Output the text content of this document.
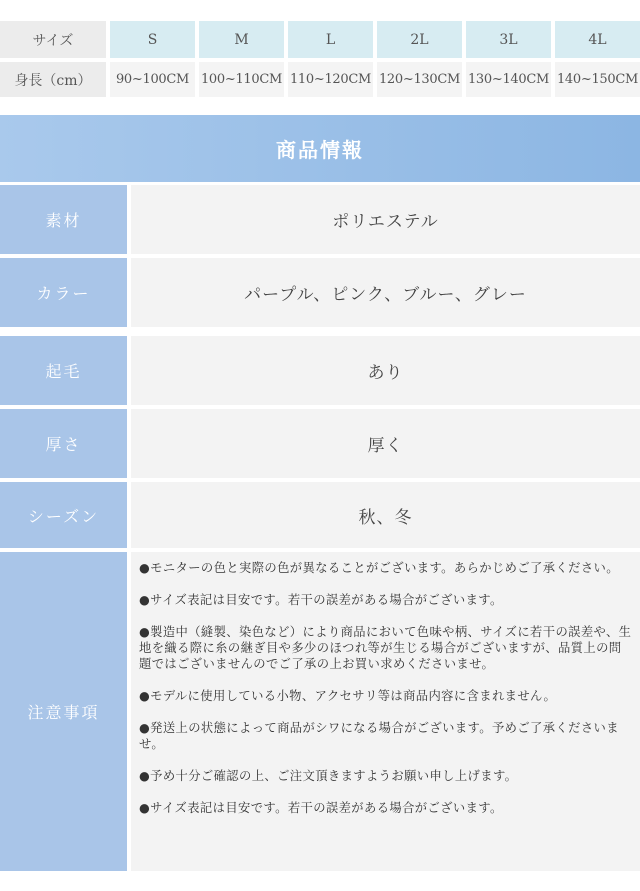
サイズ	S	M	L	2L	3L	4L
身長（cm）	90~100CM 100~110CM 110~120CM 120~130CM 130~140CM 140~150CM
商品情報
素材	ポリエステル
カラー	パープル、ピンク、ブルー、グレー
起毛	あり
厚さ	厚く
シーズン	秋、冬
注意事項

●モニターの色と実際の色が異なることがございます。あらかじめご了承ください。

●サイズ表記は目安です。若干の誤差がある場合がございます。

●製造中（縫製、染色など）により商品において色味や柄、サイズに若干の誤差や、生地を織る際に糸の継ぎ目や多少のほつれ等が生じる場合がございますが、品質上の問題ではございませんのでご了承の上お買い求めくださいませ。

●モデルに使用している小物、アクセサリ等は商品内容に含まれません。

●発送上の状態によって商品がシワになる場合がございます。予めご了承くださいませ。

●予め十分ご確認の上、ご注文頂きますようお願い申し上げます。

●サイズ表記は目安です。若干の誤差がある場合がございます。
